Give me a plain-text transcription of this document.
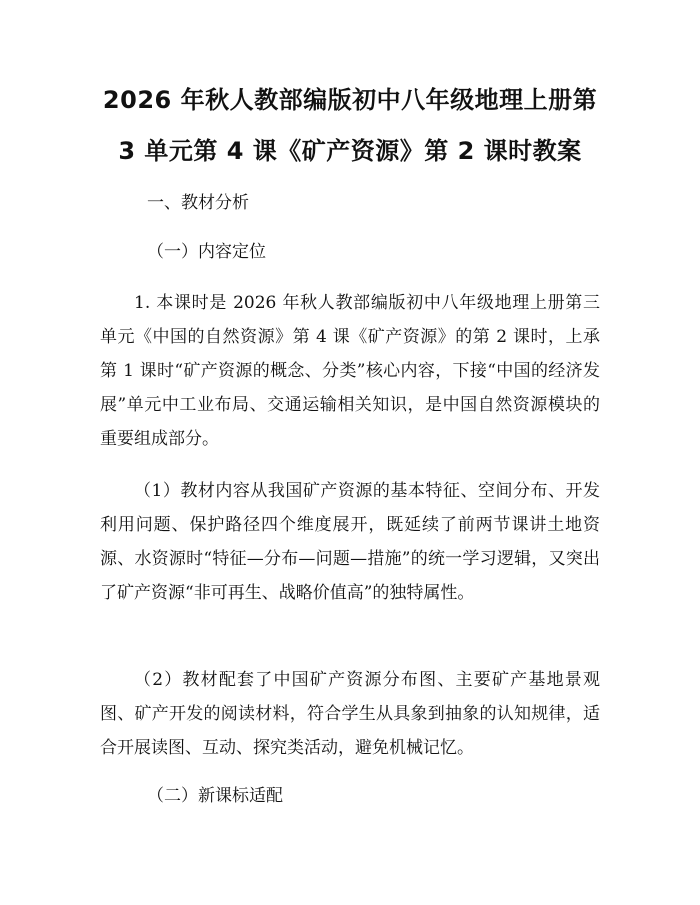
2026 年秋人教部编版初中八年级地理上册第
3 单元第 4 课《矿产资源》第 2 课时教案
一、教材分析
（一）内容定位
1. 本课时是 2026 年秋人教部编版初中八年级地理上册第三单元《中国的自然资源》第 4 课《矿产资源》的第 2 课时，上承第 1 课时“矿产资源的概念、分类”核心内容，下接“中国的经济发展”单元中工业布局、交通运输相关知识，是中国自然资源模块的重要组成部分。
（1）教材内容从我国矿产资源的基本特征、空间分布、开发利用问题、保护路径四个维度展开，既延续了前两节课讲土地资源、水资源时“特征—分布—问题—措施”的统一学习逻辑，又突出了矿产资源“非可再生、战略价值高”的独特属性。
（2）教材配套了中国矿产资源分布图、主要矿产基地景观图、矿产开发的阅读材料，符合学生从具象到抽象的认知规律，适合开展读图、互动、探究类活动，避免机械记忆。
（二）新课标适配
